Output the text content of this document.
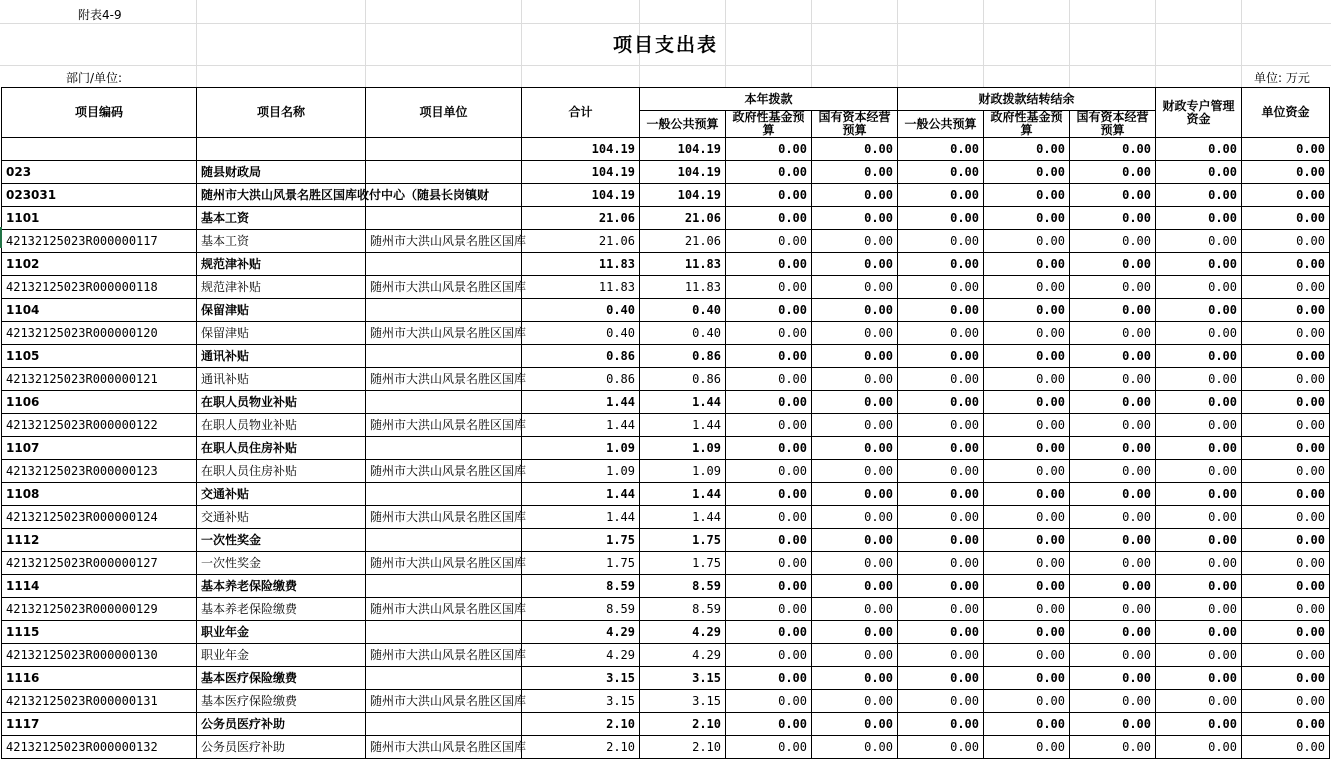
附表4-9
项目支出表
部门/单位:	单位: 万元
项目编码	项目名称	项目单位	合计	本年拨款			财政拨款结转结余			财政专户管理资金	单位资金
				一般公共预算	政府性基金预算	国有资本经营预算	一般公共预算	政府性基金预算	国有资本经营预算		
			104.19	104.19	0.00	0.00	0.00	0.00	0.00	0.00	0.00
023	随县财政局		104.19	104.19	0.00	0.00	0.00	0.00	0.00	0.00	0.00
023031	随州市大洪山风景名胜区国库收付中心（随县长岗镇财		104.19	104.19	0.00	0.00	0.00	0.00	0.00	0.00	0.00
1101	基本工资		21.06	21.06	0.00	0.00	0.00	0.00	0.00	0.00	0.00
42132125023R000000117	基本工资	随州市大洪山风景名胜区国库	21.06	21.06	0.00	0.00	0.00	0.00	0.00	0.00	0.00
1102	规范津补贴		11.83	11.83	0.00	0.00	0.00	0.00	0.00	0.00	0.00
42132125023R000000118	规范津补贴	随州市大洪山风景名胜区国库	11.83	11.83	0.00	0.00	0.00	0.00	0.00	0.00	0.00
1104	保留津贴		0.40	0.40	0.00	0.00	0.00	0.00	0.00	0.00	0.00
42132125023R000000120	保留津贴	随州市大洪山风景名胜区国库	0.40	0.40	0.00	0.00	0.00	0.00	0.00	0.00	0.00
1105	通讯补贴		0.86	0.86	0.00	0.00	0.00	0.00	0.00	0.00	0.00
42132125023R000000121	通讯补贴	随州市大洪山风景名胜区国库	0.86	0.86	0.00	0.00	0.00	0.00	0.00	0.00	0.00
1106	在职人员物业补贴		1.44	1.44	0.00	0.00	0.00	0.00	0.00	0.00	0.00
42132125023R000000122	在职人员物业补贴	随州市大洪山风景名胜区国库	1.44	1.44	0.00	0.00	0.00	0.00	0.00	0.00	0.00
1107	在职人员住房补贴		1.09	1.09	0.00	0.00	0.00	0.00	0.00	0.00	0.00
42132125023R000000123	在职人员住房补贴	随州市大洪山风景名胜区国库	1.09	1.09	0.00	0.00	0.00	0.00	0.00	0.00	0.00
1108	交通补贴		1.44	1.44	0.00	0.00	0.00	0.00	0.00	0.00	0.00
42132125023R000000124	交通补贴	随州市大洪山风景名胜区国库	1.44	1.44	0.00	0.00	0.00	0.00	0.00	0.00	0.00
1112	一次性奖金		1.75	1.75	0.00	0.00	0.00	0.00	0.00	0.00	0.00
42132125023R000000127	一次性奖金	随州市大洪山风景名胜区国库	1.75	1.75	0.00	0.00	0.00	0.00	0.00	0.00	0.00
1114	基本养老保险缴费		8.59	8.59	0.00	0.00	0.00	0.00	0.00	0.00	0.00
42132125023R000000129	基本养老保险缴费	随州市大洪山风景名胜区国库	8.59	8.59	0.00	0.00	0.00	0.00	0.00	0.00	0.00
1115	职业年金		4.29	4.29	0.00	0.00	0.00	0.00	0.00	0.00	0.00
42132125023R000000130	职业年金	随州市大洪山风景名胜区国库	4.29	4.29	0.00	0.00	0.00	0.00	0.00	0.00	0.00
1116	基本医疗保险缴费		3.15	3.15	0.00	0.00	0.00	0.00	0.00	0.00	0.00
42132125023R000000131	基本医疗保险缴费	随州市大洪山风景名胜区国库	3.15	3.15	0.00	0.00	0.00	0.00	0.00	0.00	0.00
1117	公务员医疗补助		2.10	2.10	0.00	0.00	0.00	0.00	0.00	0.00	0.00
42132125023R000000132	公务员医疗补助	随州市大洪山风景名胜区国库	2.10	2.10	0.00	0.00	0.00	0.00	0.00	0.00	0.00
